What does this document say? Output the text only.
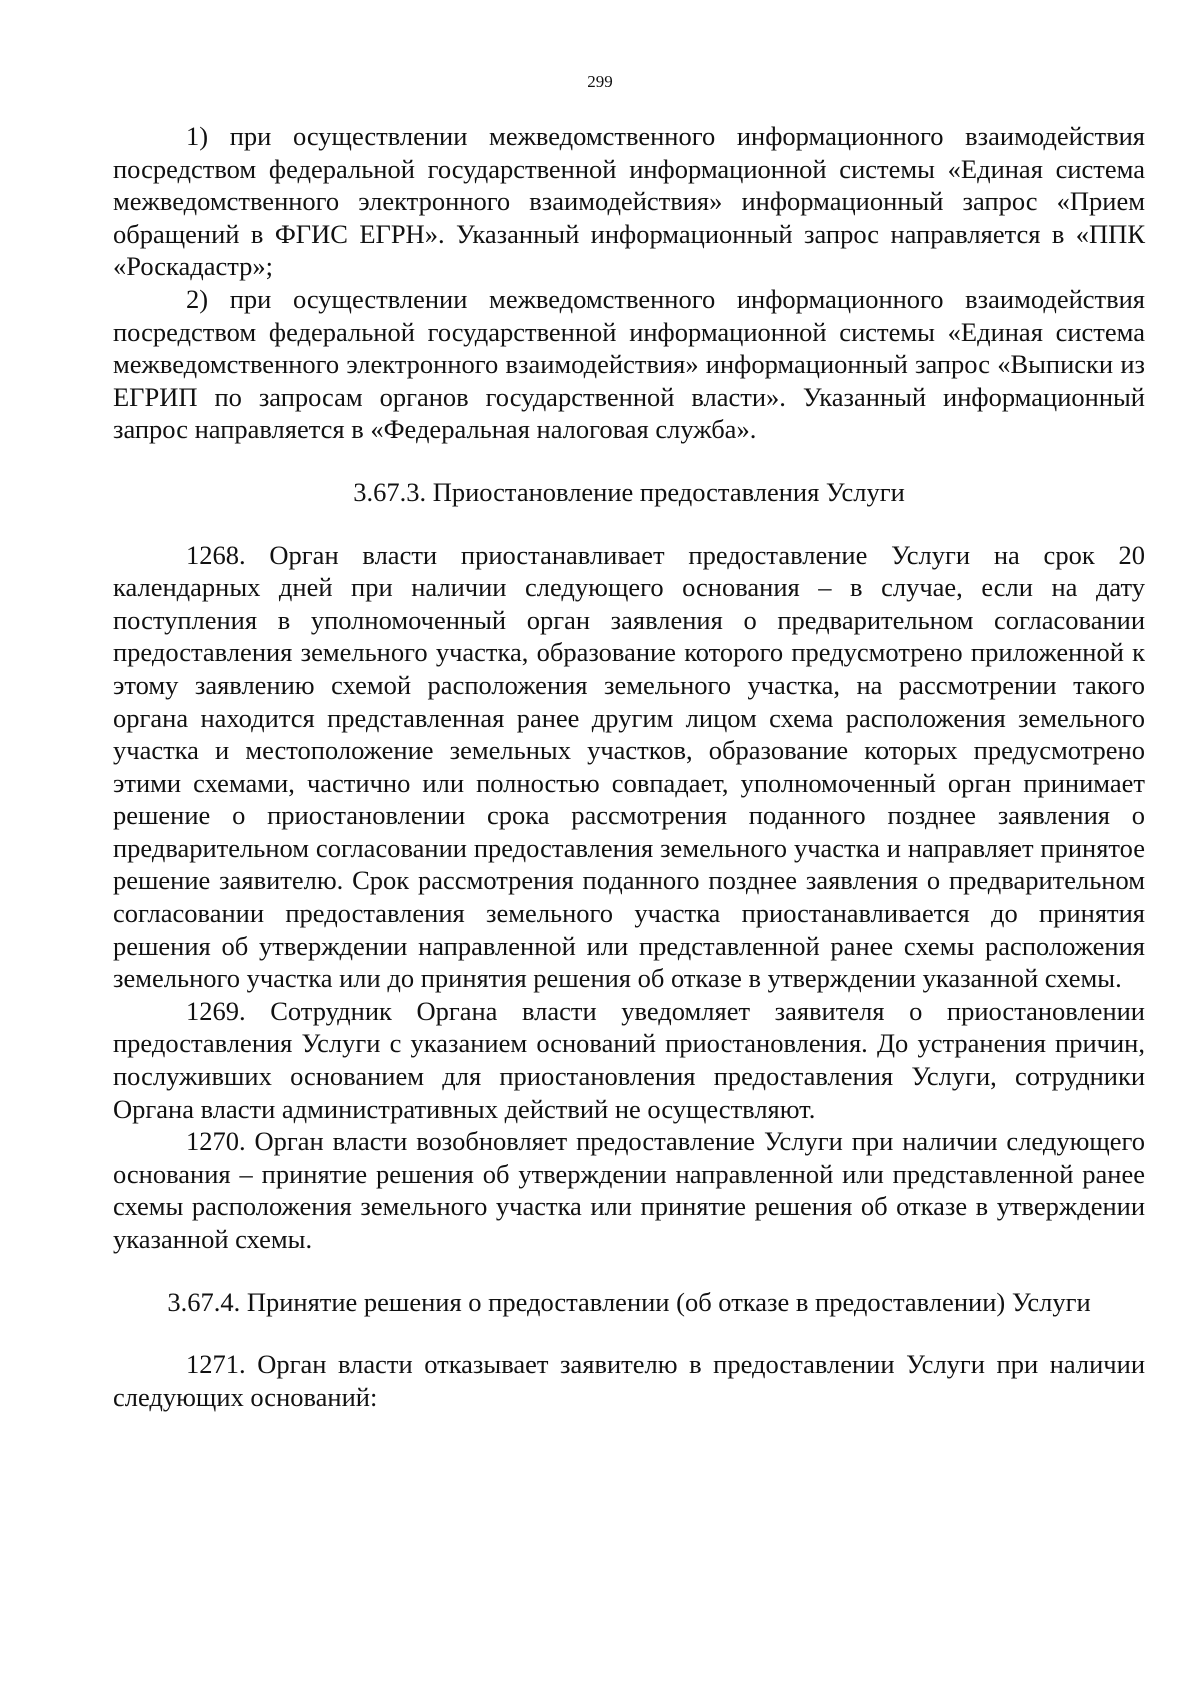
299

1) при осуществлении межведомственного информационного взаимодействия посредством федеральной государственной информационной системы «Единая система межведомственного электронного взаимодействия» информационный запрос «Прием обращений в ФГИС ЕГРН». Указанный информационный запрос направляется в «ППК «Роскадастр»;

2) при осуществлении межведомственного информационного взаимодействия посредством федеральной государственной информационной системы «Единая система межведомственного электронного взаимодействия» информационный запрос «Выписки из ЕГРИП по запросам органов государственной власти». Указанный информационный запрос направляется в «Федеральная налоговая служба».

3.67.3. Приостановление предоставления Услуги

1268. Орган власти приостанавливает предоставление Услуги на срок 20 календарных дней при наличии следующего основания – в случае, если на дату поступления в уполномоченный орган заявления о предварительном согласовании предоставления земельного участка, образование которого предусмотрено приложенной к этому заявлению схемой расположения земельного участка, на рассмотрении такого органа находится представленная ранее другим лицом схема расположения земельного участка и местоположение земельных участков, образование которых предусмотрено этими схемами, частично или полностью совпадает, уполномоченный орган принимает решение о приостановлении срока рассмотрения поданного позднее заявления о предварительном согласовании предоставления земельного участка и направляет принятое решение заявителю. Срок рассмотрения поданного позднее заявления о предварительном согласовании предоставления земельного участка приостанавливается до принятия решения об утверждении направленной или представленной ранее схемы расположения земельного участка или до принятия решения об отказе в утверждении указанной схемы.

1269. Сотрудник Органа власти уведомляет заявителя о приостановлении предоставления Услуги с указанием оснований приостановления. До устранения причин, послуживших основанием для приостановления предоставления Услуги, сотрудники Органа власти административных действий не осуществляют.

1270. Орган власти возобновляет предоставление Услуги при наличии следующего основания – принятие решения об утверждении направленной или представленной ранее схемы расположения земельного участка или принятие решения об отказе в утверждении указанной схемы.

3.67.4. Принятие решения о предоставлении (об отказе в предоставлении) Услуги

1271. Орган власти отказывает заявителю в предоставлении Услуги при наличии следующих оснований:
